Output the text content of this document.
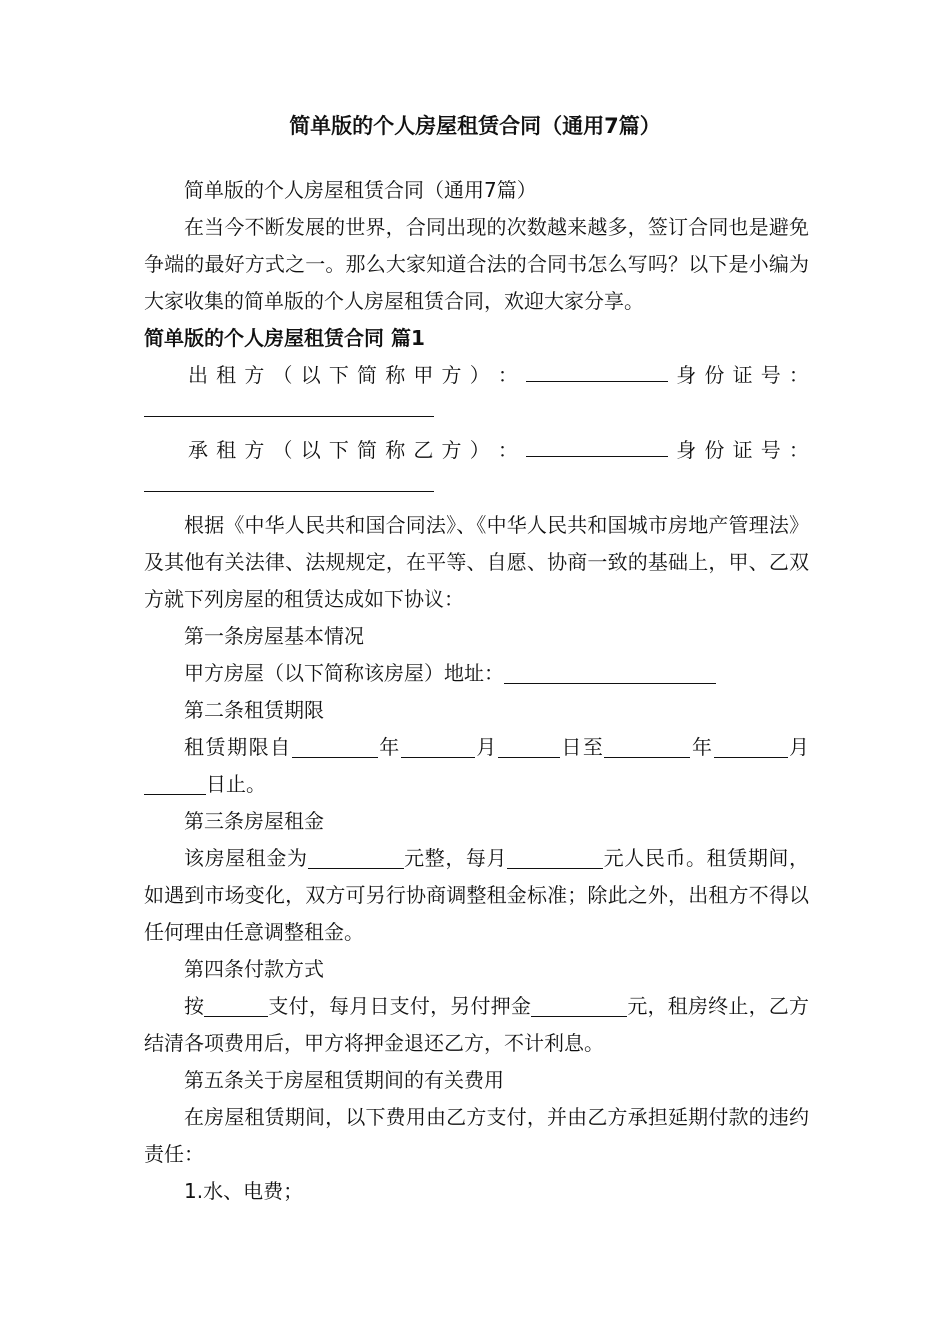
简单版的个人房屋租赁合同（通用7篇）

简单版的个人房屋租赁合同（通用7篇）

在当今不断发展的世界，合同出现的次数越来越多，签订合同也是避免争端的最好方式之一。那么大家知道合法的合同书怎么写吗？以下是小编为大家收集的简单版的个人房屋租赁合同，欢迎大家分享。

简单版的个人房屋租赁合同 篇1

出 租 方 （ 以 下 简 称 甲 方 ） ：	身 份 证 号 ：
承 租 方 （ 以 下 简 称 乙 方 ） ：	身 份 证 号 ：

根据《中华人民共和国合同法》、《中华人民共和国城市房地产管理法》及其他有关法律、法规规定，在平等、自愿、协商一致的基础上，甲、乙双方就下列房屋的租赁达成如下协议：

第一条房屋基本情况

甲方房屋（以下简称该房屋）地址：

第二条租赁期限

租赁期限自	年	月	日至	年	月日止。

第三条房屋租金

该房屋租金为	元整，每月	元人民币。租赁期间，如遇到市场变化，双方可另行协商调整租金标准；除此之外，出租方不得以任何理由任意调整租金。

第四条付款方式

按	支付，每月日支付，另付押金	元，租房终止，乙方结清各项费用后，甲方将押金退还乙方，不计利息。

第五条关于房屋租赁期间的有关费用

在房屋租赁期间，以下费用由乙方支付，并由乙方承担延期付款的违约责任：

1.水、电费；
